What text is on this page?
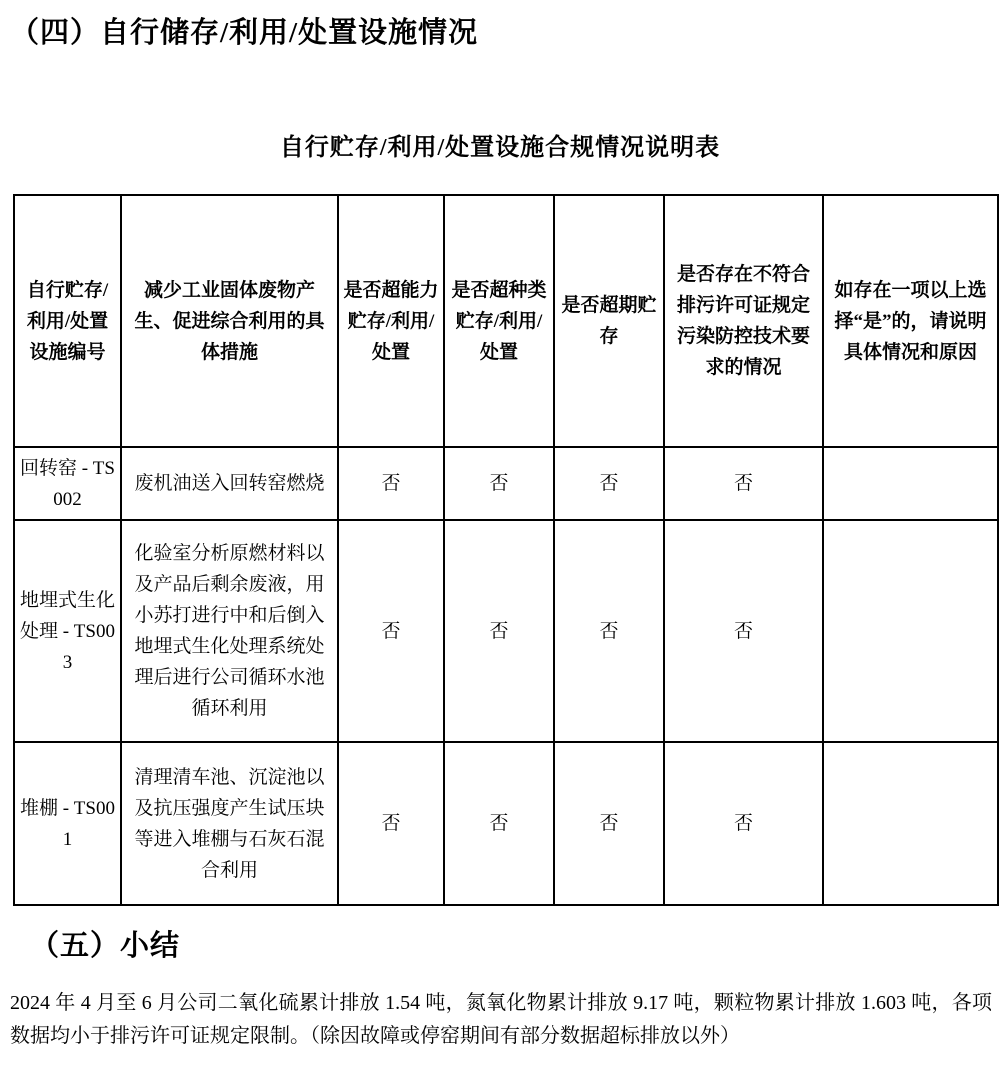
（四）自行储存/利用/处置设施情况
自行贮存/利用/处置设施合规情况说明表
自行贮存/利用/处置设施编号	减少工业固体废物产生、促进综合利用的具体措施	是否超能力贮存/利用/处置	是否超种类贮存/利用/处置	是否超期贮存	是否存在不符合排污许可证规定污染防控技术要求的情况	如存在一项以上选择“是”的，请说明具体情况和原因
回转窑 - TS002	废机油送入回转窑燃烧	否	否	否	否	
地埋式生化处理 - TS003	化验室分析原燃材料以及产品后剩余废液，用小苏打进行中和后倒入地埋式生化处理系统处理后进行公司循环水池循环利用	否	否	否	否	
堆棚 - TS001	清理清车池、沉淀池以及抗压强度产生试压块等进入堆棚与石灰石混合利用	否	否	否	否	
（五）小结

2024 年 4 月至 6 月公司二氧化硫累计排放 1.54 吨，氮氧化物累计排放 9.17 吨，颗粒物累计排放 1.603 吨，各项数据均小于排污许可证规定限制。（除因故障或停窑期间有部分数据超标排放以外）
